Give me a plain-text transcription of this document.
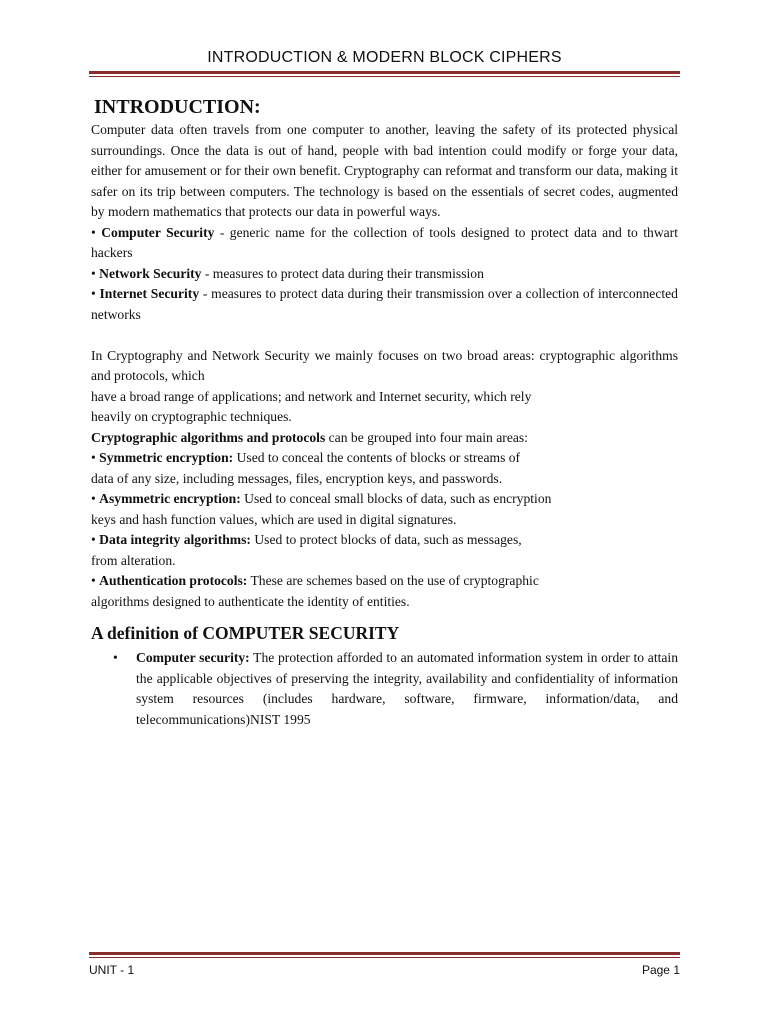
INTRODUCTION & MODERN BLOCK CIPHERS
INTRODUCTION:

Computer data often travels from one computer to another, leaving the safety of its protected physical surroundings. Once the data is out of hand, people with bad intention could modify or forge your data, either for amusement or for their own benefit. Cryptography can reformat and transform our data, making it safer on its trip between computers. The technology is based on the essentials of secret codes, augmented by modern mathematics that protects our data in powerful ways.

• Computer Security - generic name for the collection of tools designed to protect data and to thwart hackers

• Network Security - measures to protect data during their transmission

• Internet Security - measures to protect data during their transmission over a collection of interconnected networks

In Cryptography and Network Security we mainly focuses on two broad areas: cryptographic algorithms and protocols, which

have a broad range of applications; and network and Internet security, which rely

heavily on cryptographic techniques.

Cryptographic algorithms and protocols can be grouped into four main areas:

• Symmetric encryption: Used to conceal the contents of blocks or streams of

data of any size, including messages, files, encryption keys, and passwords.

• Asymmetric encryption: Used to conceal small blocks of data, such as encryption

keys and hash function values, which are used in digital signatures.

• Data integrity algorithms: Used to protect blocks of data, such as messages,

from alteration.

• Authentication protocols: These are schemes based on the use of cryptographic

algorithms designed to authenticate the identity of entities.

A definition of COMPUTER SECURITY
•	Computer security: The protection afforded to an automated information system in order to attain the applicable objectives of preserving the integrity, availability and confidentiality of information system resources (includes hardware, software, firmware, information/data, and telecommunications)NIST 1995
UNIT - 1	Page 1
